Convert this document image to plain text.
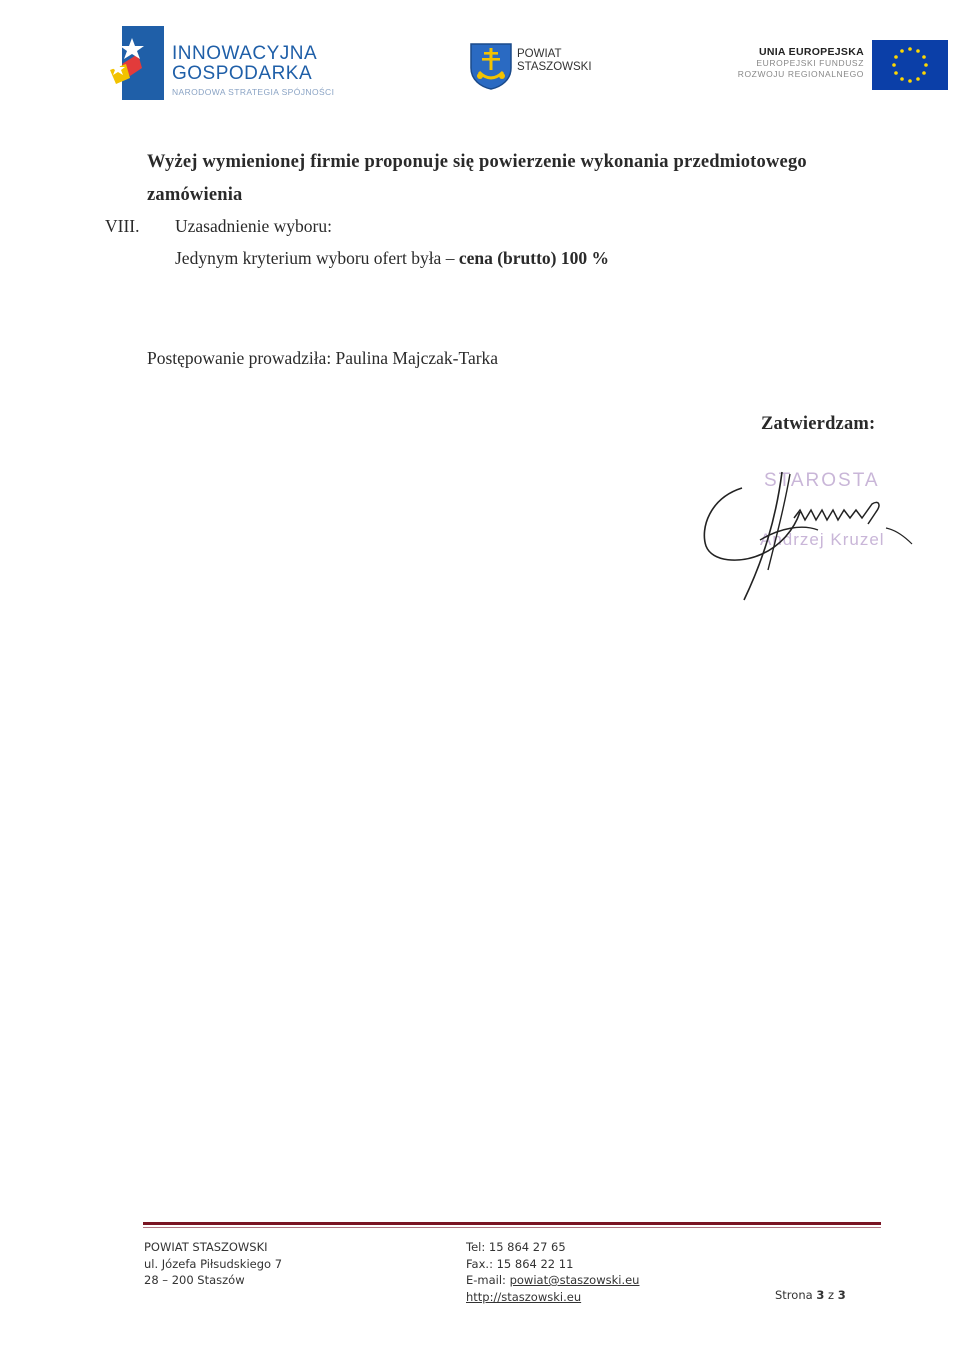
INNOWACYJNA
GOSPODARKA
NARODOWA STRATEGIA SPÓJNOŚCI
POWIAT
STASZOWSKI
UNIA EUROPEJSKA
EUROPEJSKI FUNDUSZ
ROZWOJU REGIONALNEGO
Wyżej wymienionej firmie proponuje się powierzenie wykonania przedmiotowego zamówienia
VIII. Uzasadnienie wyboru:
Jedynym kryterium wyboru ofert była – cena (brutto) 100 %
Postępowanie prowadziła: Paulina Majczak-Tarka
Zatwierdzam:
STAROSTA
Andrzej Kruzel
POWIAT STASZOWSKI
ul. Józefa Piłsudskiego 7
28 – 200 Staszów
Tel: 15 864 27 65
Fax.: 15 864 22 11
E-mail: powiat@staszowski.eu
http://staszowski.eu	Strona 3 z 3
